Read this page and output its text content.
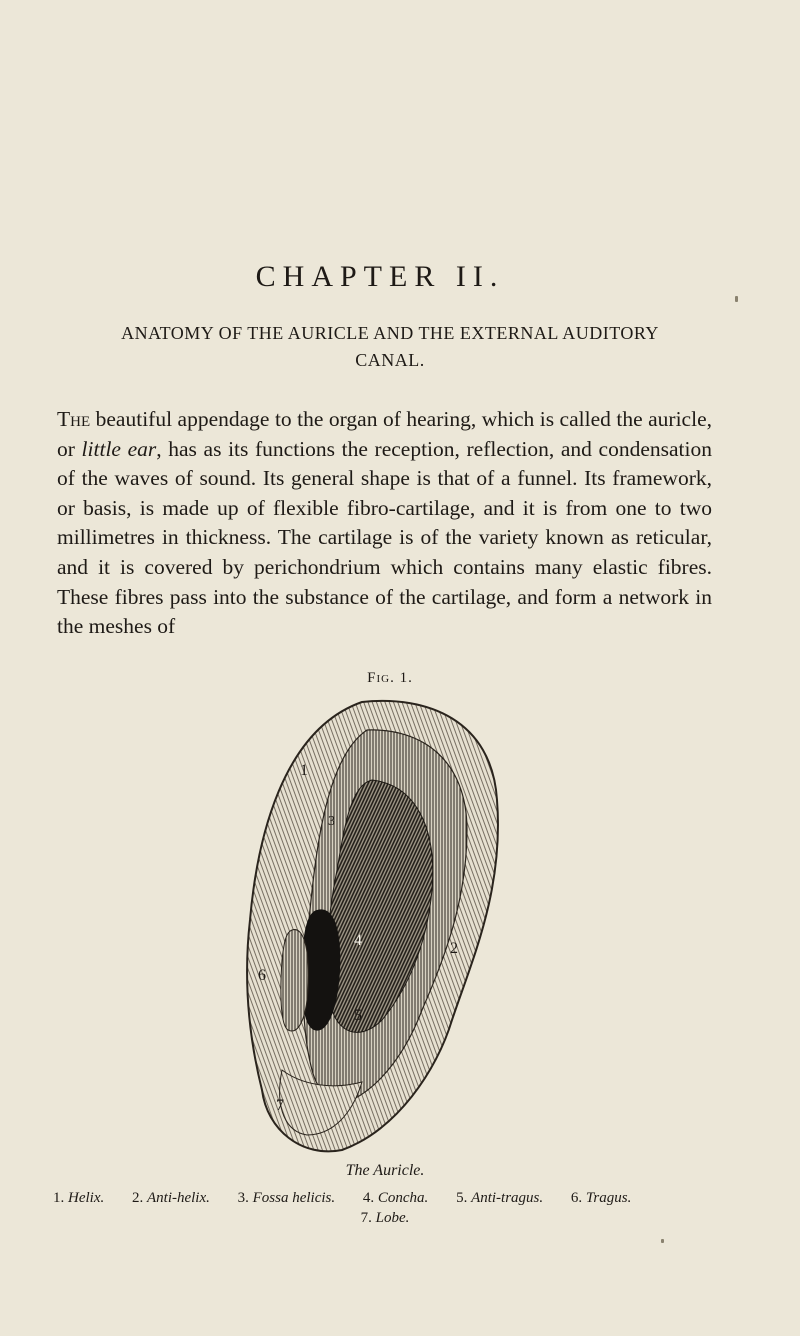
CHAPTER II.
ANATOMY OF THE AURICLE AND THE EXTERNAL AUDITORY CANAL.
The beautiful appendage to the organ of hearing, which is called the auricle, or little ear, has as its functions the reception, reflection, and condensation of the waves of sound. Its general shape is that of a funnel. Its framework, or basis, is made up of flexible fibro-cartilage, and it is from one to two millimetres in thickness. The cartilage is of the variety known as reticular, and it is covered by perichondrium which contains many elastic fibres. These fibres pass into the substance of the cartilage, and form a network in the meshes of
Fig. 1.
1
2
3
4
5
6
7
The Auricle.
1. Helix. 2. Anti-helix. 3. Fossa helicis. 4. Concha. 5. Anti-tragus. 6. Tragus.
7. Lobe.
